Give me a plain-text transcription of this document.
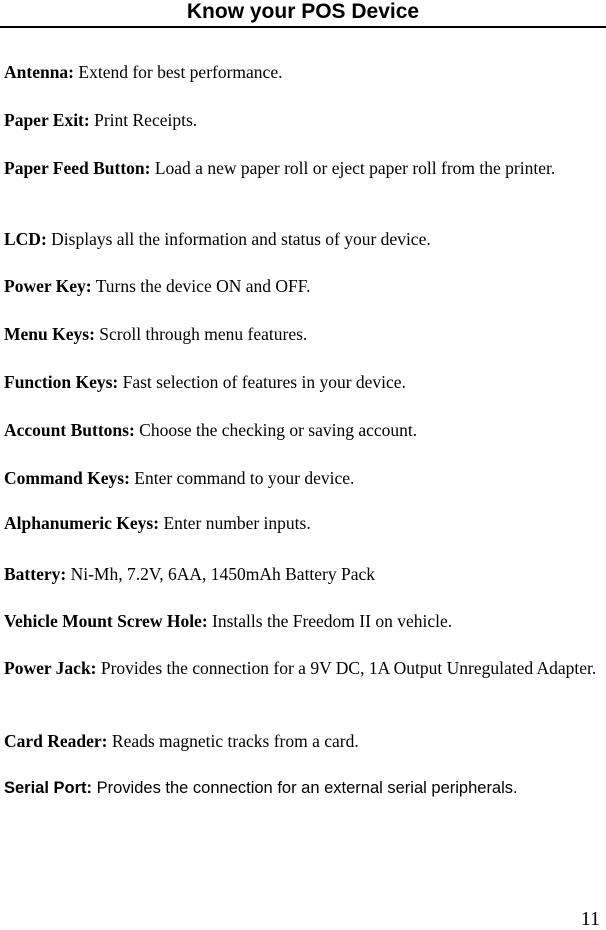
Know your POS Device
Antenna: Extend for best performance.
Paper Exit: Print Receipts.
Paper Feed Button: Load a new paper roll or eject paper roll from the printer.
LCD: Displays all the information and status of your device.
Power Key: Turns the device ON and OFF.
Menu Keys: Scroll through menu features.
Function Keys: Fast selection of features in your device.
Account Buttons: Choose the checking or saving account.
Command Keys: Enter command to your device.
Alphanumeric Keys: Enter number inputs.
Battery: Ni-Mh, 7.2V, 6AA, 1450mAh Battery Pack
Vehicle Mount Screw Hole: Installs the Freedom II on vehicle.
Power Jack: Provides the connection for a 9V DC, 1A Output Unregulated Adapter.
Card Reader: Reads magnetic tracks from a card.
Serial Port: Provides the connection for an external serial peripherals.
11
